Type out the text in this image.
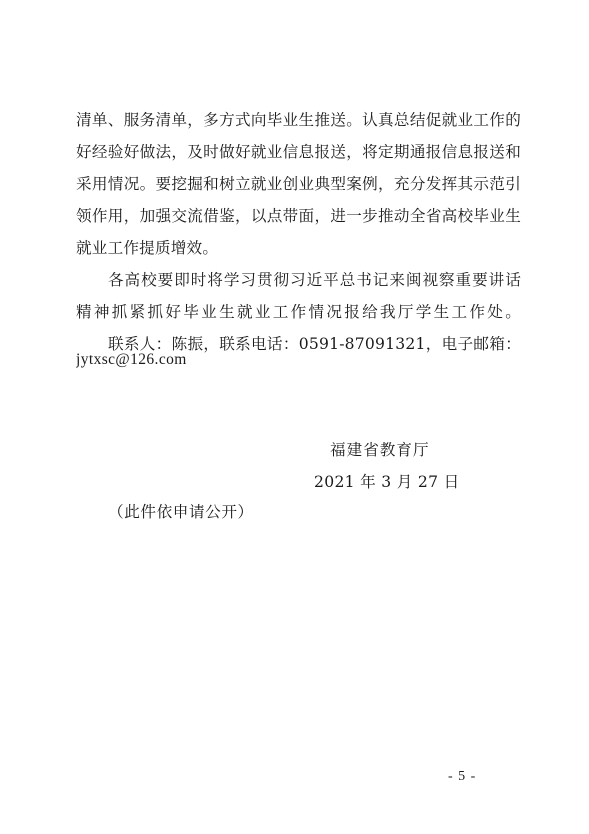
清单、服务清单，多方式向毕业生推送。认真总结促就业工作的
好经验好做法，及时做好就业信息报送，将定期通报信息报送和
采用情况。要挖掘和树立就业创业典型案例，充分发挥其示范引
领作用，加强交流借鉴，以点带面，进一步推动全省高校毕业生
就业工作提质增效。
各高校要即时将学习贯彻习近平总书记来闽视察重要讲话
精神抓紧抓好毕业生就业工作情况报给我厅学生工作处。
联系人：陈振，联系电话：0591-87091321，电子邮箱：
jytxsc@126.com
福建省教育厅
2021 年 3 月 27 日
（此件依申请公开）
- 5 -
